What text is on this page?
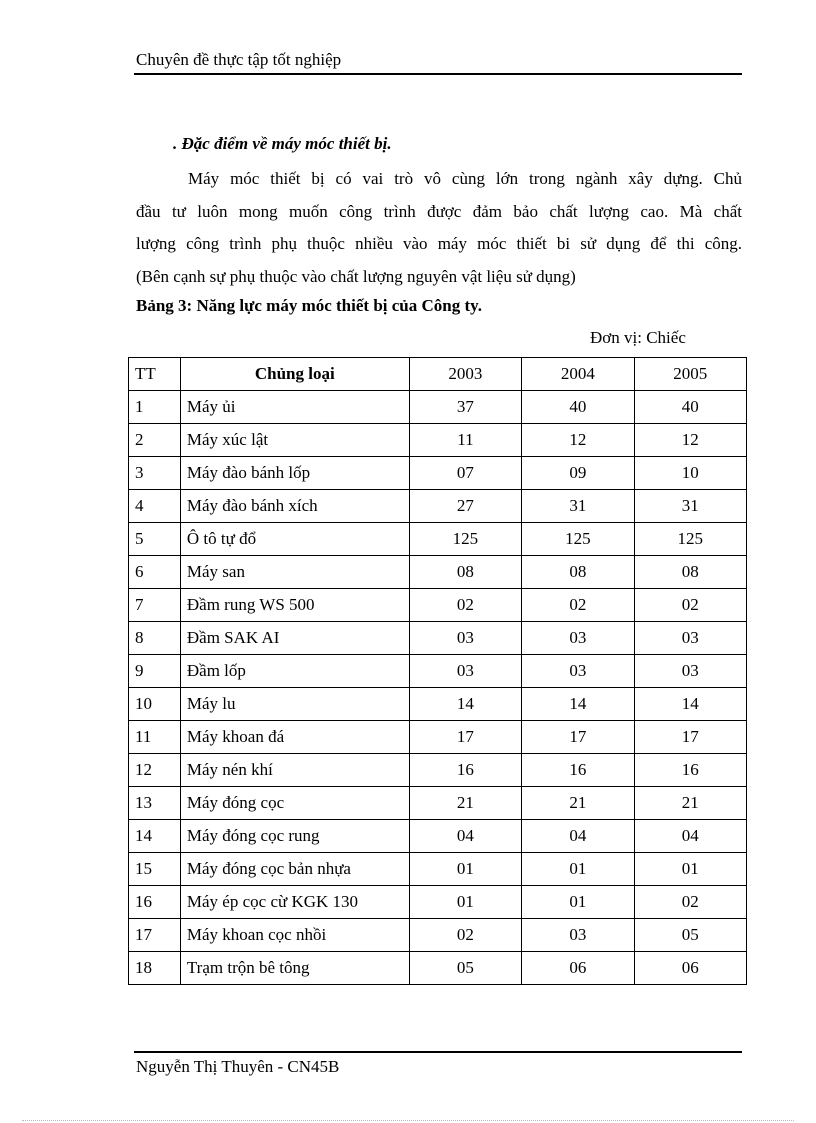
Chuyên đề thực tập tốt nghiệp
. Đặc điểm về máy móc thiết bị.
Máy móc thiết bị có vai trò vô cùng lớn trong ngành xây dựng. Chủ
đầu tư luôn mong muốn công trình được đảm bảo chất lượng cao. Mà chất
lượng công trình phụ thuộc nhiều vào máy móc thiết bi sử dụng để thi công.
(Bên cạnh sự phụ thuộc vào chất lượng nguyên vật liệu sử dụng)
Bảng 3: Năng lực máy móc thiết bị của Công ty.
Đơn vị: Chiếc
TT	Chủng loại	2003	2004	2005
1	Máy ủi	37	40	40
2	Máy xúc lật	11	12	12
3	Máy đào bánh lốp	07	09	10
4	Máy đào bánh xích	27	31	31
5	Ô tô tự đổ	125	125	125
6	Máy san	08	08	08
7	Đầm rung WS 500	02	02	02
8	Đầm SAK AI	03	03	03
9	Đầm lốp	03	03	03
10	Máy lu	14	14	14
11	Máy khoan đá	17	17	17
12	Máy nén khí	16	16	16
13	Máy đóng cọc	21	21	21
14	Máy đóng cọc rung	04	04	04
15	Máy đóng cọc bản nhựa	01	01	01
16	Máy ép cọc cừ KGK 130	01	01	02
17	Máy khoan cọc nhồi	02	03	05
18	Trạm trộn bê tông	05	06	06
Nguyễn Thị Thuyên - CN45B
